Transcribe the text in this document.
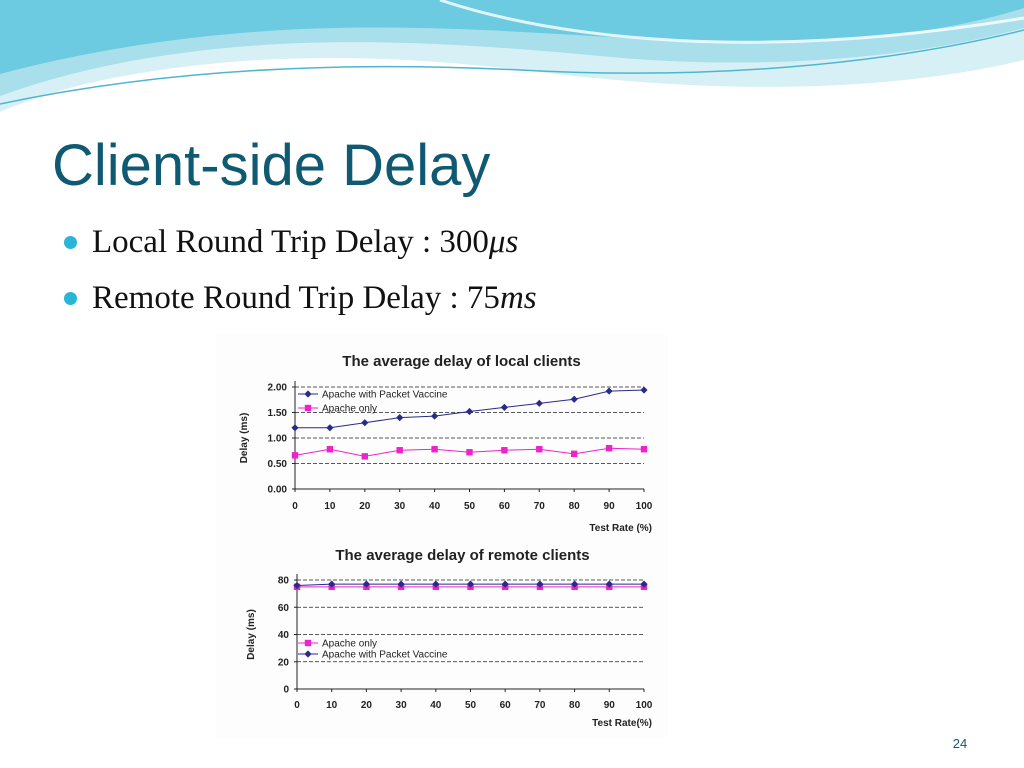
Client-side Delay
Local Round Trip Delay : 300μs
Remote Round Trip Delay : 75ms
The average delay of local clients
0.00
0.50
1.00
1.50
2.00
0	10 20 30 40 50 60 70 80 90 100
Test Rate (%)
Delay (ms)
Apache with Packet Vaccine
Apache only
The average delay of remote clients
0
20
40
60
80
0	10 20 30 40 50 60 70 80 90 100
Test Rate(%)
Delay (ms)	Apache only
Apache with Packet Vaccine
24
